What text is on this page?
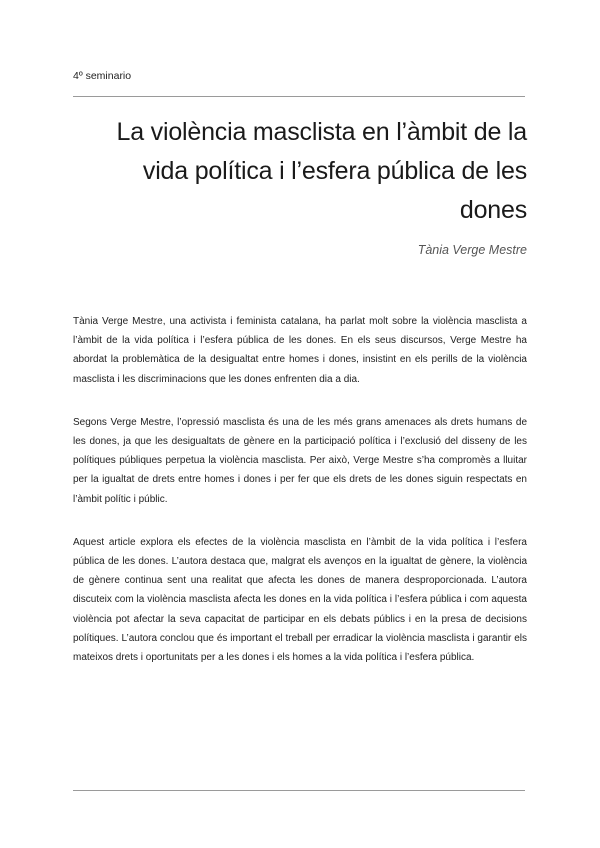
4º seminario
La violència masclista en l’àmbit de la vida política i l’esfera pública de les dones
Tània Verge Mestre

Tània Verge Mestre, una activista i feminista catalana, ha parlat molt sobre la violència masclista a l’àmbit de la vida política i l’esfera pública de les dones. En els seus discursos, Verge Mestre ha abordat la problemàtica de la desigualtat entre homes i dones, insistint en els perills de la violència masclista i les discriminacions que les dones enfrenten dia a dia.

Segons Verge Mestre, l’opressió masclista és una de les més grans amenaces als drets humans de les dones, ja que les desigualtats de gènere en la participació política i l’exclusió del disseny de les polítiques públiques perpetua la violència masclista. Per això, Verge Mestre s’ha compromès a lluitar per la igualtat de drets entre homes i dones i per fer que els drets de les dones siguin respectats en l’àmbit polític i públic.

Aquest article explora els efectes de la violència masclista en l’àmbit de la vida política i l’esfera pública de les dones. L’autora destaca que, malgrat els avenços en la igualtat de gènere, la violència de gènere continua sent una realitat que afecta les dones de manera desproporcionada. L’autora discuteix com la violència masclista afecta les dones en la vida política i l’esfera pública i com aquesta violència pot afectar la seva capacitat de participar en els debats públics i en la presa de decisions polítiques. L’autora conclou que és important el treball per erradicar la violència masclista i garantir els mateixos drets i oportunitats per a les dones i els homes a la vida política i l’esfera pública.
